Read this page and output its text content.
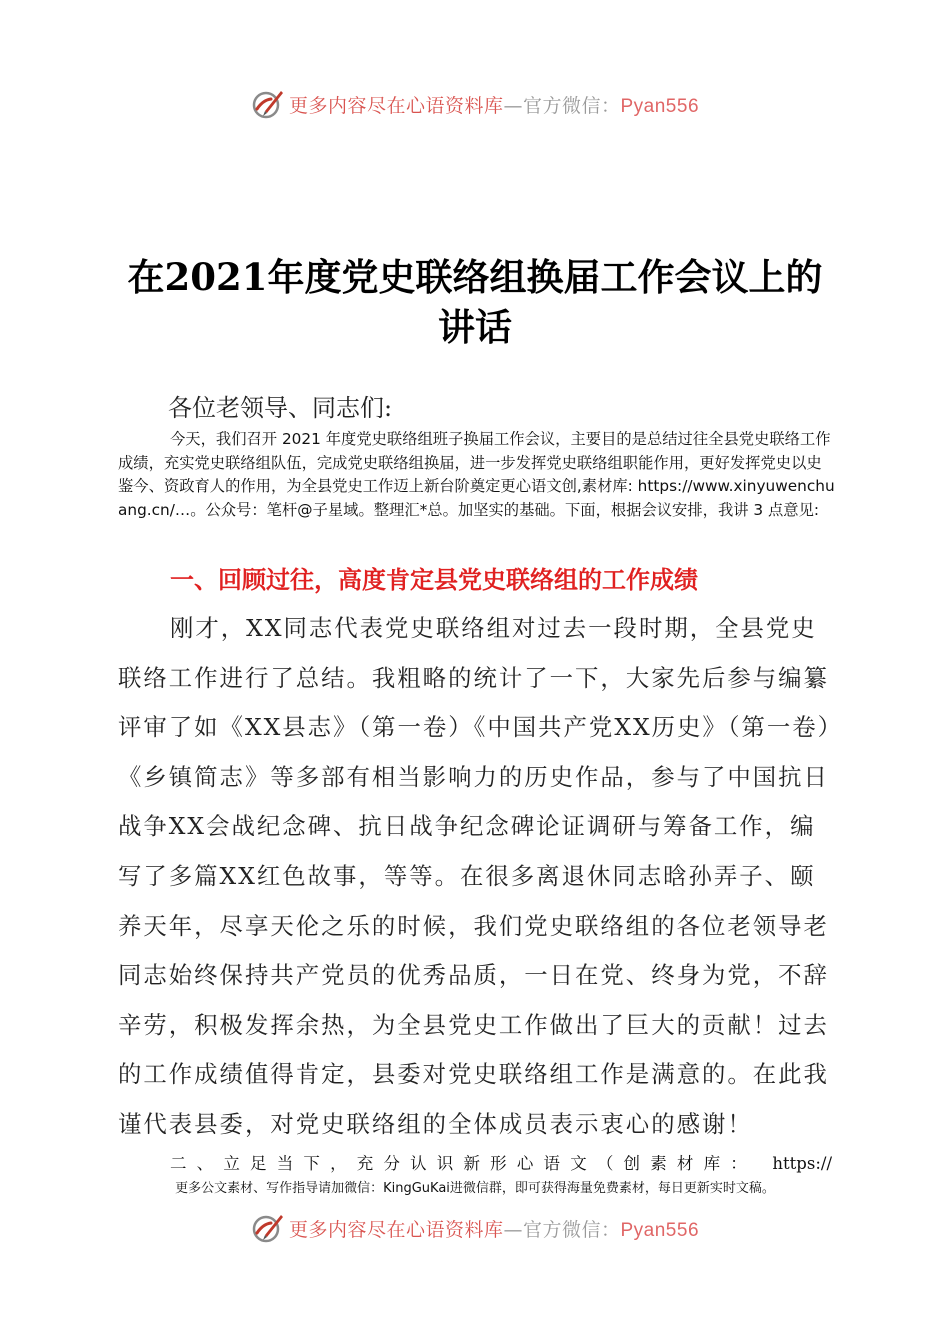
更多内容尽在心语资料库—官方微信：Pyan556
在2021年度党史联络组换届工作会议上的讲话
各位老领导、同志们:
今天，我们召开 2021 年度党史联络组班子换届工作会议，主要目的是总结过往全县党史联络工作成绩，充实党史联络组队伍，完成党史联络组换届，进一步发挥党史联络组职能作用，更好发挥党史以史鉴今、资政育人的作用，为全县党史工作迈上新台阶奠定更心语文创,素材库: https://www.xinyuwenchuang.cn/…。公众号：笔杆@子星域。整理汇*总。加坚实的基础。下面，根据会议安排，我讲 3 点意见:
一、回顾过往，高度肯定县党史联络组的工作成绩
刚才，XX同志代表党史联络组对过去一段时期，全县党史联络工作进行了总结。我粗略的统计了一下，大家先后参与编纂评审了如《XX县志》（第一卷）《中国共产党XX历史》（第一卷）《乡镇简志》等多部有相当影响力的历史作品，参与了中国抗日战争XX会战纪念碑、抗日战争纪念碑论证调研与筹备工作，编写了多篇XX红色故事，等等。在很多离退休同志晗孙弄子、颐养天年，尽享天伦之乐的时候，我们党史联络组的各位老领导老同志始终保持共产党员的优秀品质，一日在党、终身为党，不辞辛劳，积极发挥余热，为全县党史工作做出了巨大的贡献！过去的工作成绩值得肯定，县委对党史联络组工作是满意的。在此我谨代表县委，对党史联络组的全体成员表示衷心的感谢！
二、立足当下，充分认识新形心语文（创素材库： https://
更多公文素材、写作指导请加微信：KingGuKai进微信群，即可获得海量免费素材，每日更新实时文稿。
更多内容尽在心语资料库—官方微信：Pyan556
